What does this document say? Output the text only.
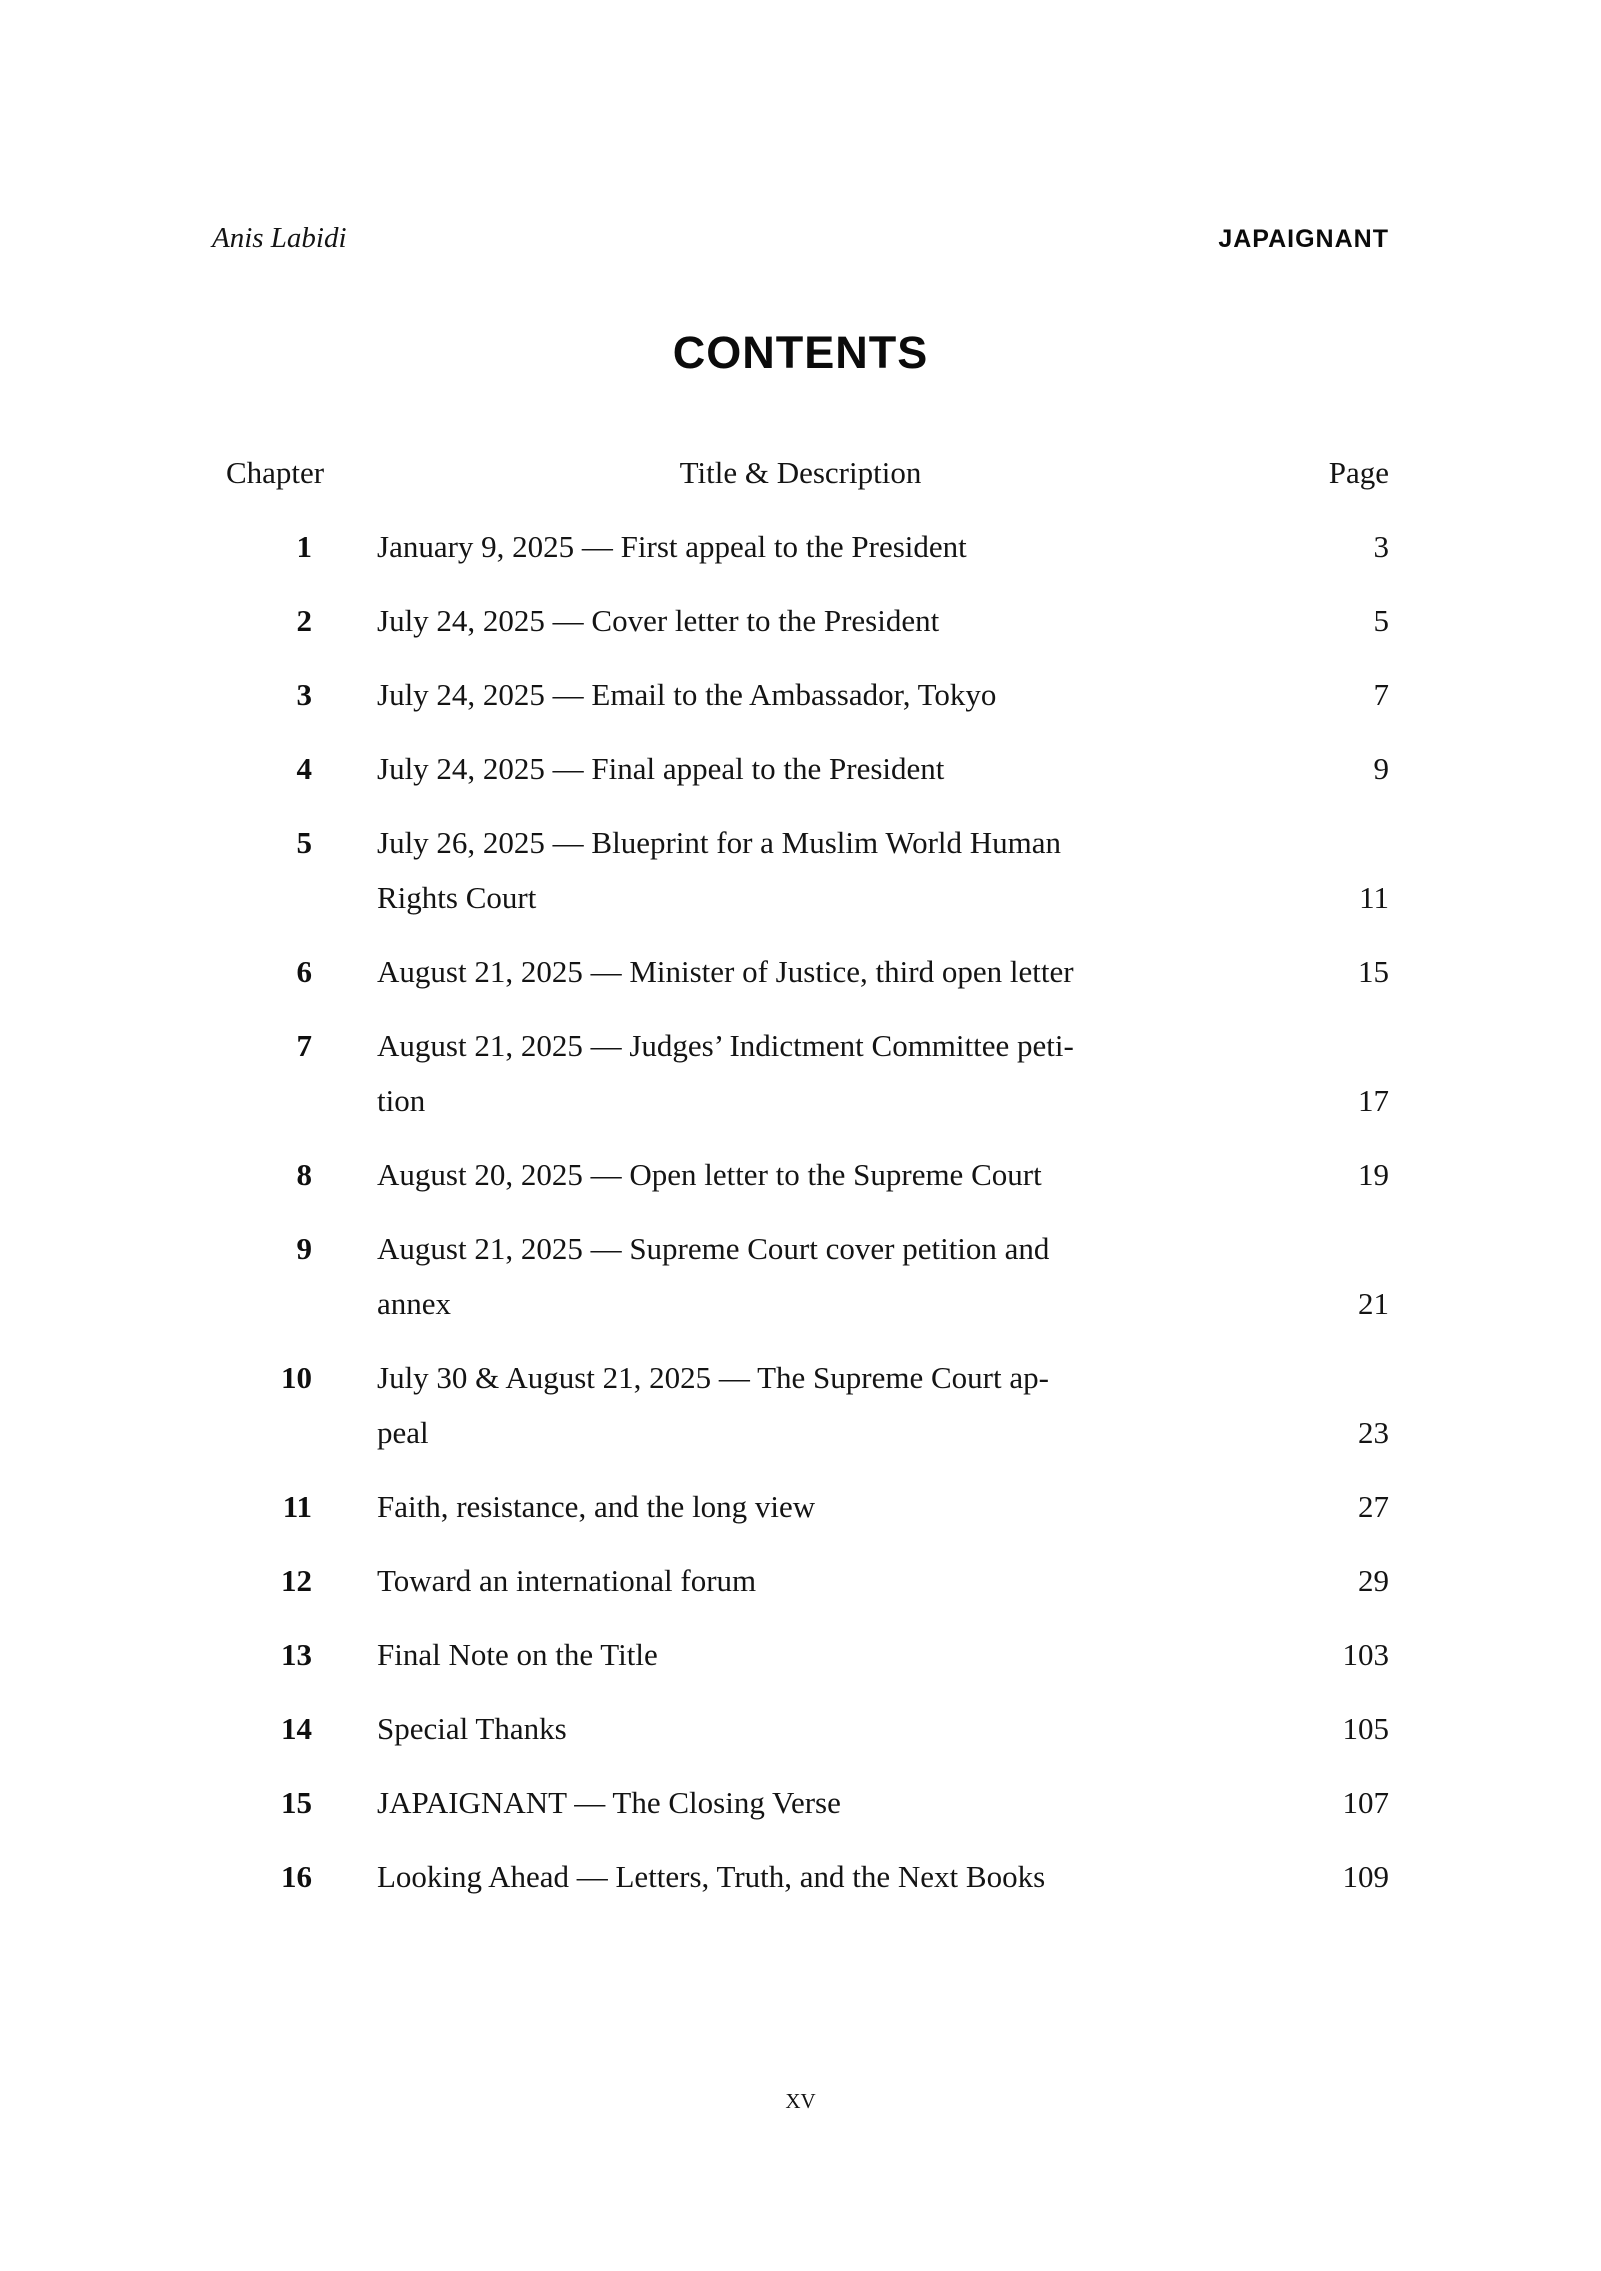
Anis Labidi	JAPAIGNANT
CONTENTS
Chapter	Title & Description	Page
1 January 9, 2025 — First appeal to the President	3
2 July 24, 2025 — Cover letter to the President	5
3 July 24, 2025 — Email to the Ambassador, Tokyo	7
4 July 24, 2025 — Final appeal to the President	9
5 July 26, 2025 — Blueprint for a Muslim World Human
Rights Court	11
6 August 21, 2025 — Minister of Justice, third open letter	15
7 August 21, 2025 — Judges’ Indictment Committee peti-
tion	17
8 August 20, 2025 — Open letter to the Supreme Court	19
9 August 21, 2025 — Supreme Court cover petition and
annex	21
10 July 30 & August 21, 2025 — The Supreme Court ap-
peal	23
11 Faith, resistance, and the long view	27
12 Toward an international forum	29
13 Final Note on the Title	103
14 Special Thanks	105
15 JAPAIGNANT — The Closing Verse	107
16 Looking Ahead — Letters, Truth, and the Next Books	109
xv
